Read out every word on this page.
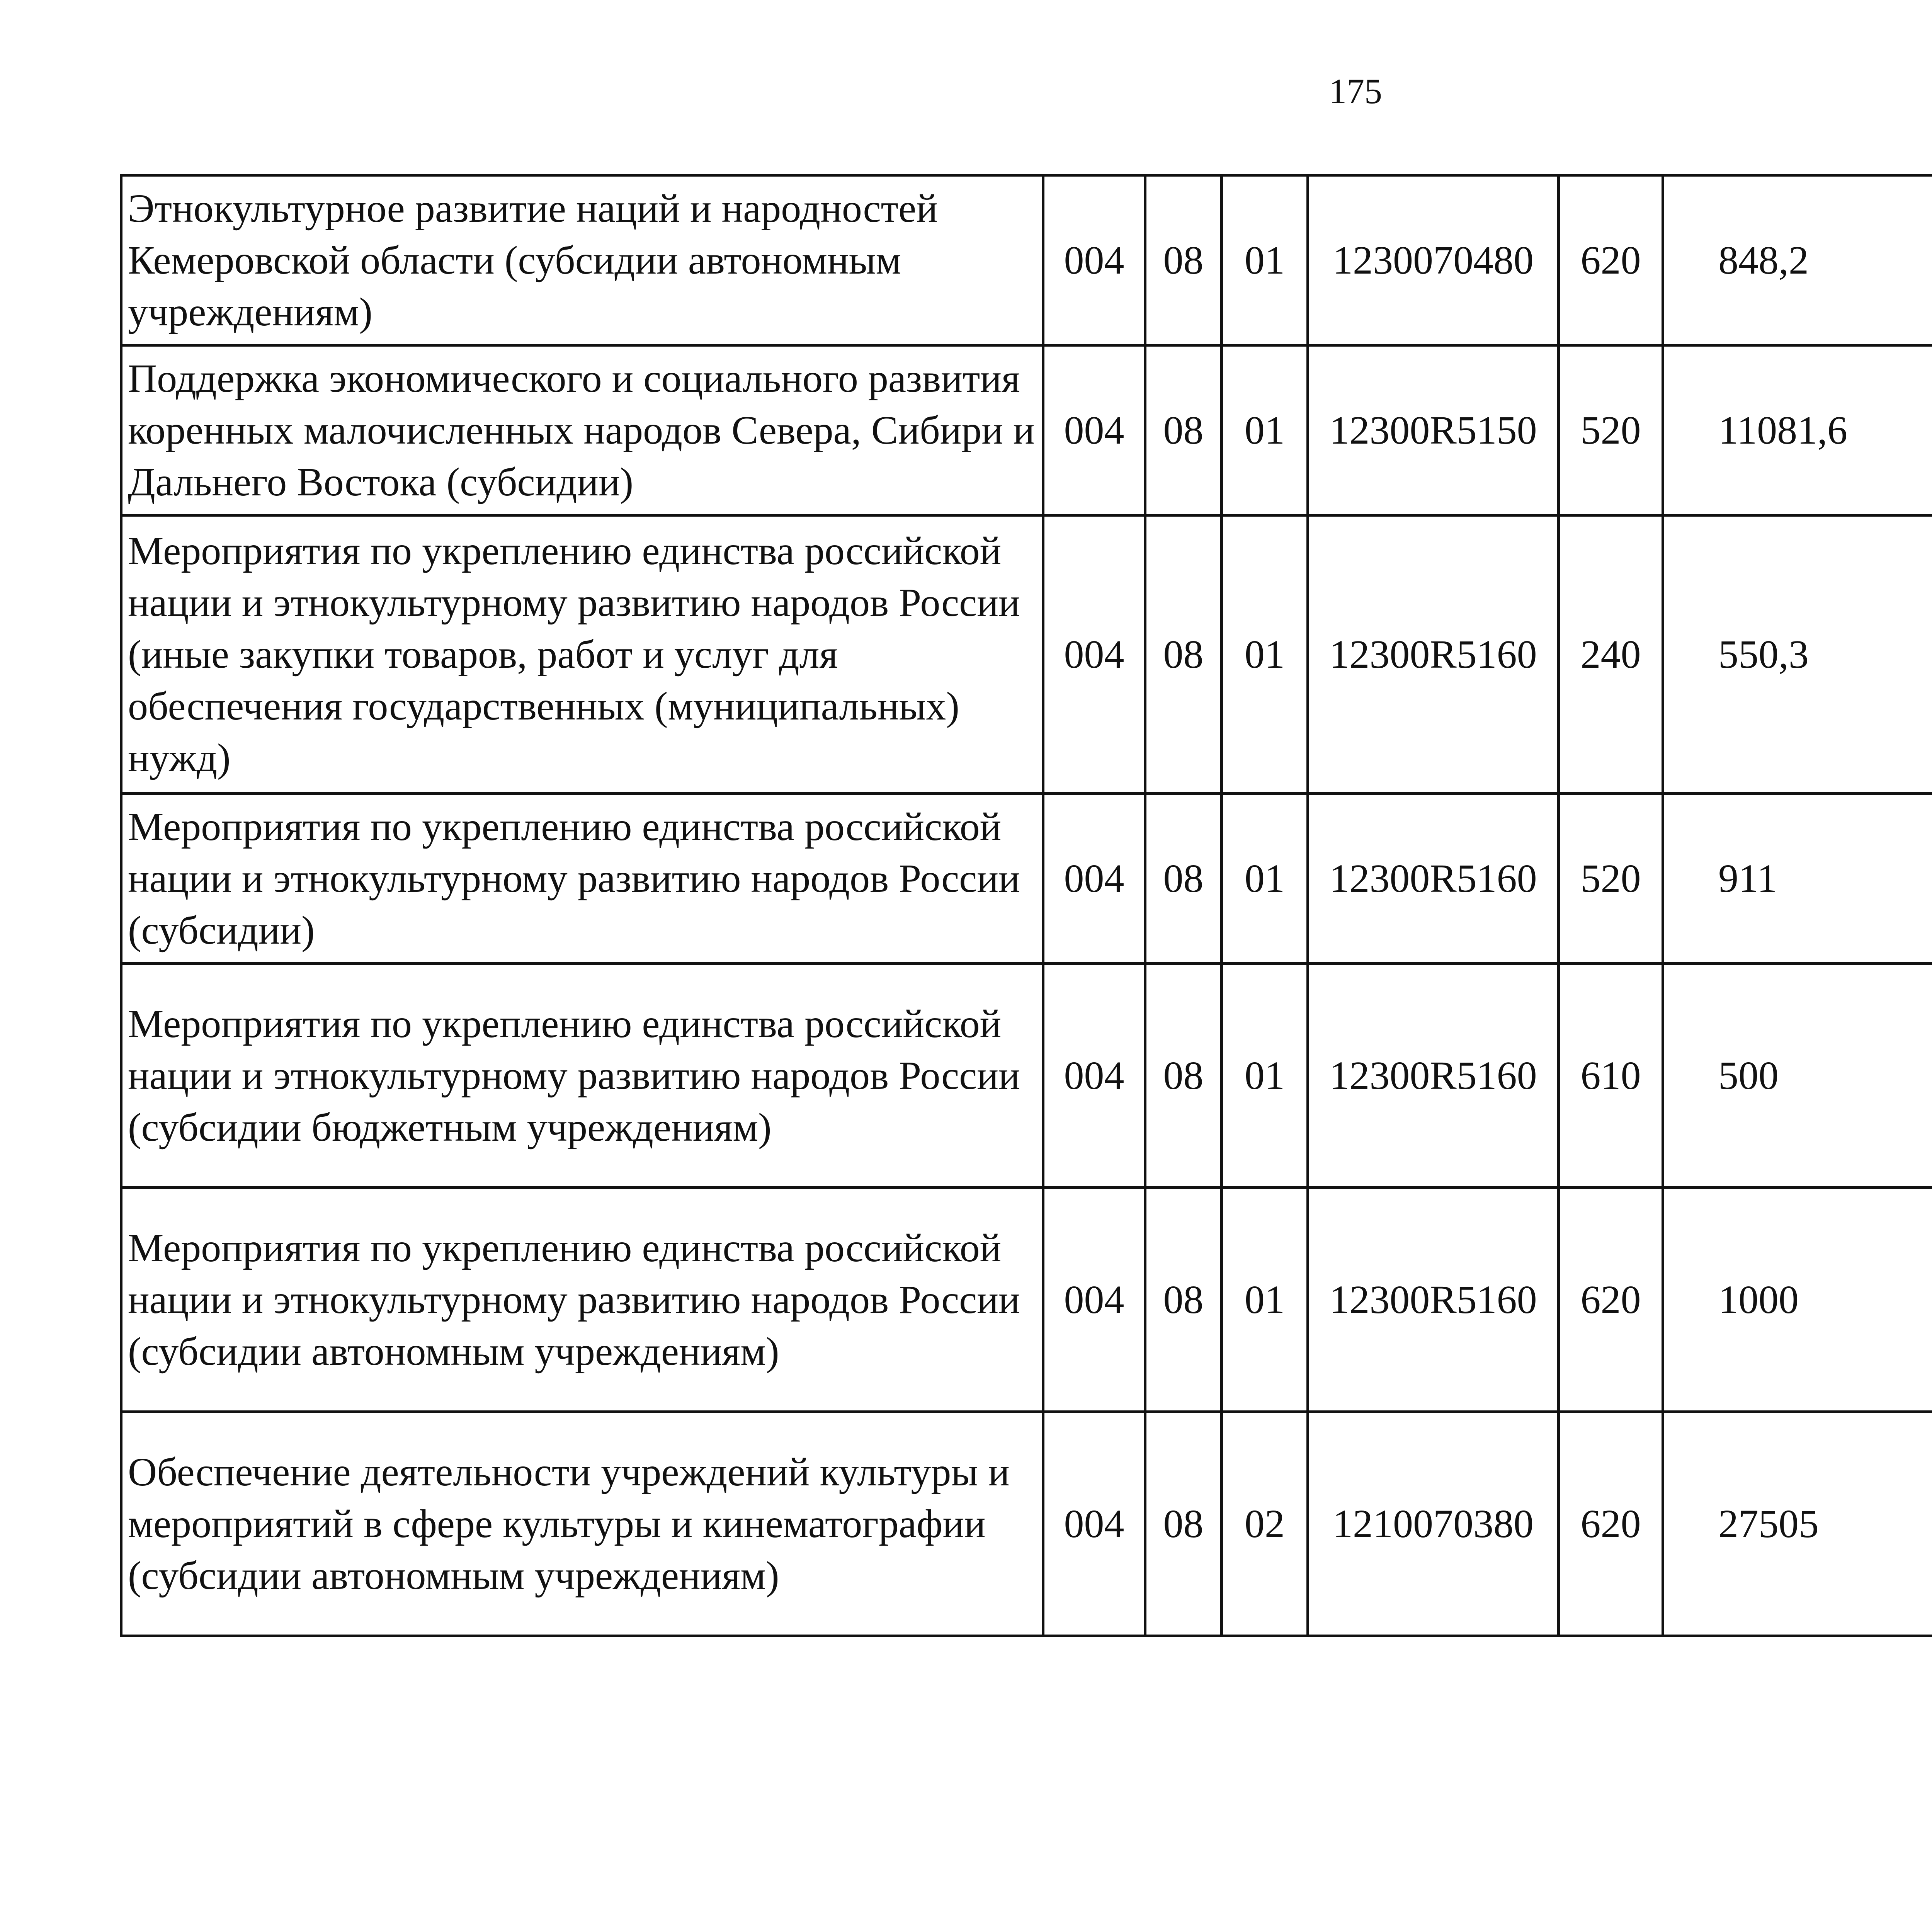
175
Этнокультурное развитие наций и народностей Кемеровской области (субсидии автономным учреждениям)	004	08	01	1230070480	620	848,2		
Поддержка экономического и социального развития коренных малочисленных народов Севера, Сибири и Дальнего Востока (субсидии)	004	08	01	12300R5150	520	11081,6		
Мероприятия по укреплению единства российской нации и этнокультурному развитию народов России (иные закупки товаров, работ и услуг для обеспечения государственных (муниципальных) нужд)	004	08	01	12300R5160	240	550,3		
Мероприятия по укреплению единства российской нации и этнокультурному развитию народов России (субсидии)	004	08	01	12300R5160	520	911		
Мероприятия по укреплению единства российской нации и этнокультурному развитию народов России (субсидии бюджетным учреждениям)	004	08	01	12300R5160	610	500		
Мероприятия по укреплению единства российской нации и этнокультурному развитию народов России (субсидии автономным учреждениям)	004	08	01	12300R5160	620	1000		
Обеспечение деятельности учреждений культуры и мероприятий в сфере культуры и кинематографии (субсидии автономным учреждениям)	004	08	02	1210070380	620	27505		
